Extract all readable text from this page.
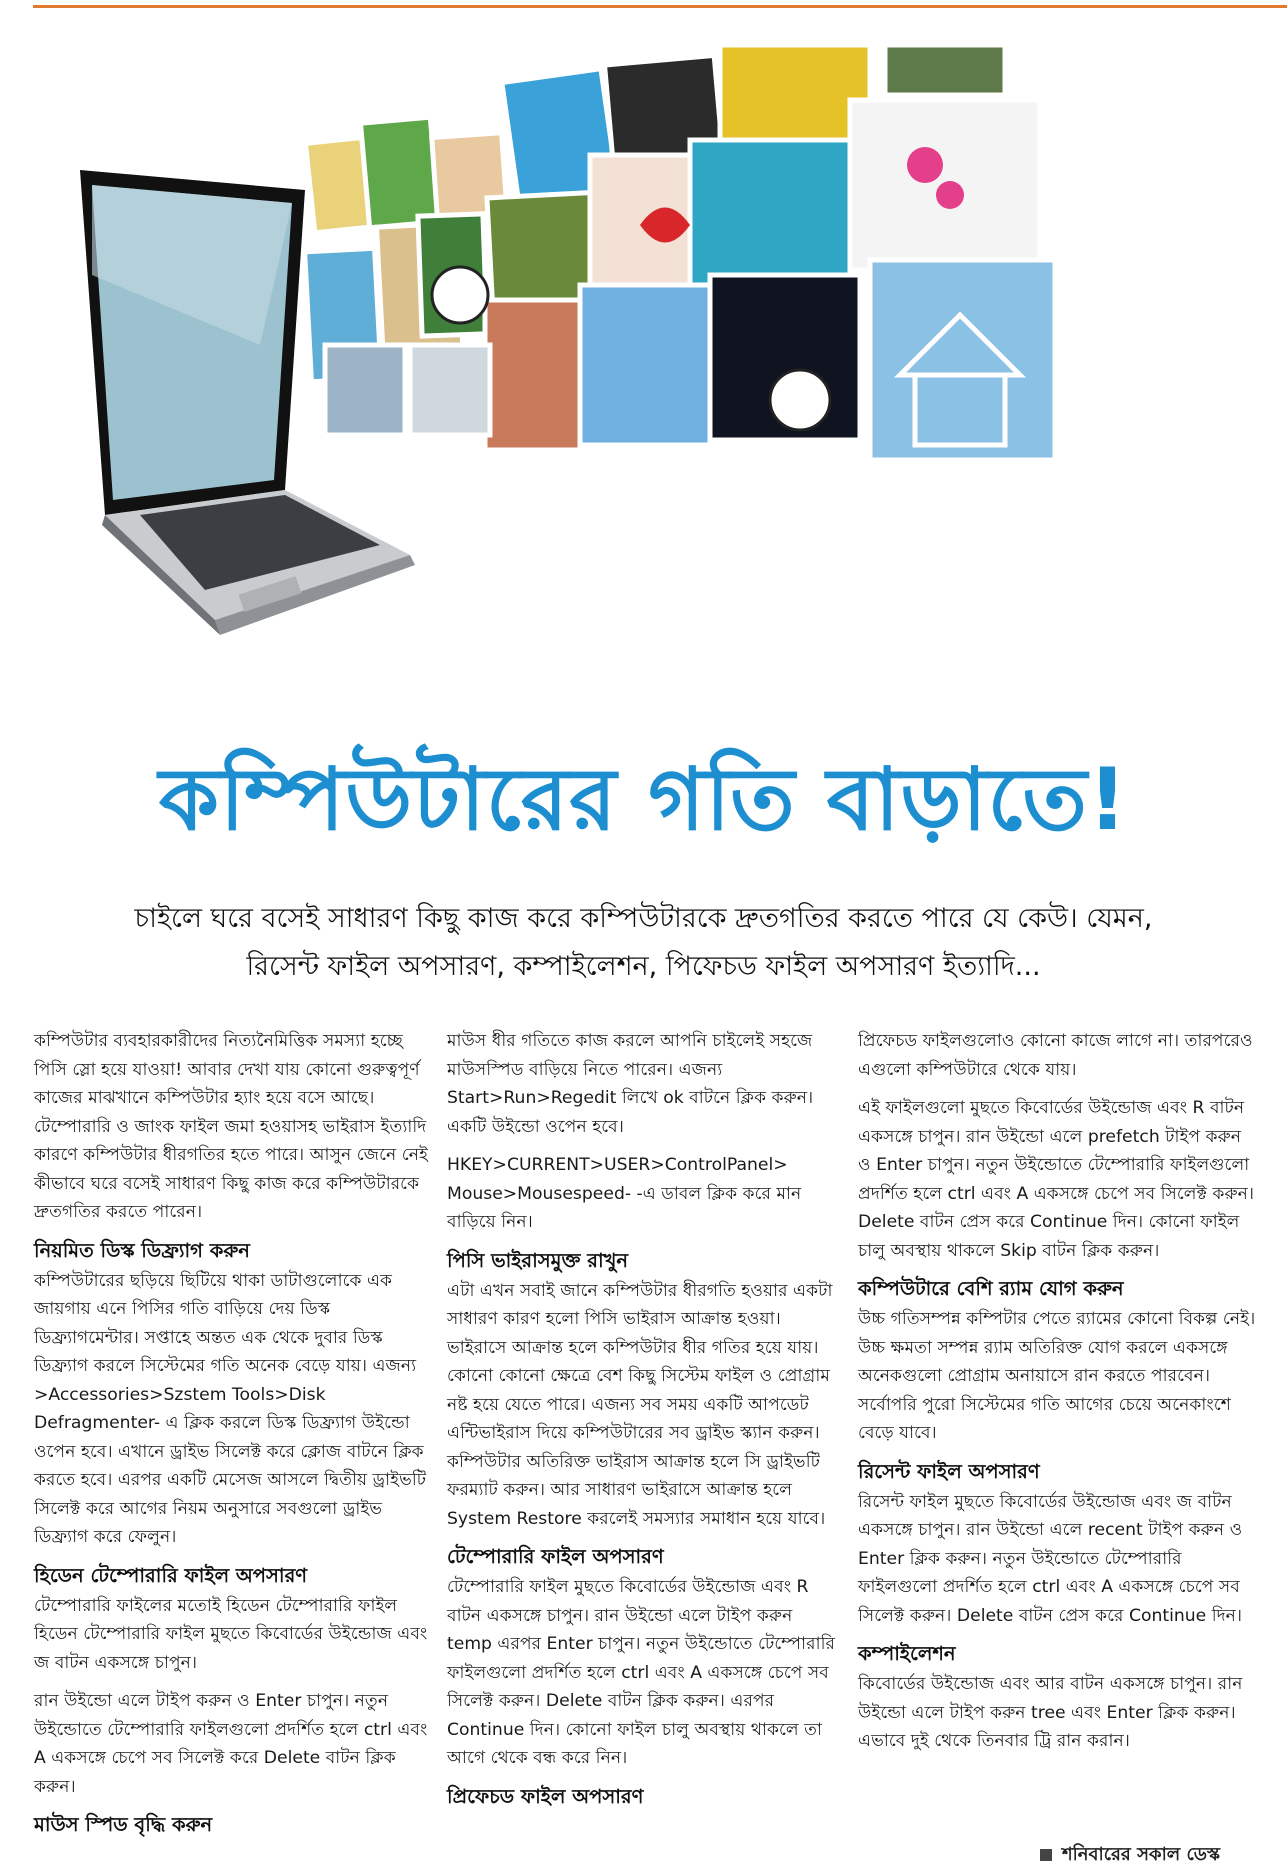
কম্পিউটারের গতি বাড়াতে!

চাইলে ঘরে বসেই সাধারণ কিছু কাজ করে কম্পিউটারকে দ্রুতগতির করতে পারে যে কেউ। যেমন,

রিসেন্ট ফাইল অপসারণ, কম্পাইলেশন, পিফেচড ফাইল অপসারণ ইত্যাদি...

কম্পিউটার ব্যবহারকারীদের নিত্যনৈমিত্তিক সমস্যা হচ্ছে পিসি স্লো হয়ে যাওয়া! আবার দেখা যায় কোনো গুরুত্বপূর্ণ কাজের মাঝখানে কম্পিউটার হ্যাং হয়ে বসে আছে। টেম্পোরারি ও জাংক ফাইল জমা হওয়াসহ ভাইরাস ইত্যাদি কারণে কম্পিউটার ধীরগতির হতে পারে। আসুন জেনে নেই কীভাবে ঘরে বসেই সাধারণ কিছু কাজ করে কম্পিউটারকে দ্রুতগতির করতে পারেন।

নিয়মিত ডিস্ক ডিফ্র্যাগ করুন

কম্পিউটারের ছড়িয়ে ছিটিয়ে থাকা ডাটাগুলোকে এক জায়গায় এনে পিসির গতি বাড়িয়ে দেয় ডিস্ক ডিফ্র্যাগমেন্টার। সপ্তাহে অন্তত এক থেকে দুবার ডিস্ক ডিফ্র্যাগ করলে সিস্টেমের গতি অনেক বেড়ে যায়। এজন্য >Accessories>Szstem Tools>Disk Defragmenter- এ ক্লিক করলে ডিস্ক ডিফ্র্যাগ উইন্ডো ওপেন হবে। এখানে ড্রাইভ সিলেক্ট করে ক্লোজ বাটনে ক্লিক করতে হবে। এরপর একটি মেসেজ আসলে দ্বিতীয় ড্রাইভটি সিলেক্ট করে আগের নিয়ম অনুসারে সবগুলো ড্রাইভ ডিফ্র্যাগ করে ফেলুন।

হিডেন টেম্পোরারি ফাইল অপসারণ

টেম্পোরারি ফাইলের মতোই হিডেন টেম্পোরারি ফাইল হিডেন টেম্পোরারি ফাইল মুছতে কিবোর্ডের উইন্ডোজ এবং জ বাটন একসঙ্গে চাপুন।

রান উইন্ডো এলে টাইপ করুন ও Enter চাপুন। নতুন উইন্ডোতে টেম্পোরারি ফাইলগুলো প্রদর্শিত হলে ctrl এবং A একসঙ্গে চেপে সব সিলেক্ট করে Delete বাটন ক্লিক করুন।

মাউস স্পিড বৃদ্ধি করুন

মাউস ধীর গতিতে কাজ করলে আপনি চাইলেই সহজে মাউসস্পিড বাড়িয়ে নিতে পারেন। এজন্য Start>Run>Regedit লিখে ok বাটনে ক্লিক করুন। একটি উইন্ডো ওপেন হবে।

HKEY>CURRENT>USER>ControlPanel> Mouse>Mousespeed- -এ ডাবল ক্লিক করে মান বাড়িয়ে নিন।

পিসি ভাইরাসমুক্ত রাখুন

এটা এখন সবাই জানে কম্পিউটার ধীরগতি হওয়ার একটা সাধারণ কারণ হলো পিসি ভাইরাস আক্রান্ত হওয়া। ভাইরাসে আক্রান্ত হলে কম্পিউটার ধীর গতির হয়ে যায়। কোনো কোনো ক্ষেত্রে বেশ কিছু সিস্টেম ফাইল ও প্রোগ্রাম নষ্ট হয়ে যেতে পারে। এজন্য সব সময় একটি আপডেট এন্টিভাইরাস দিয়ে কম্পিউটারের সব ড্রাইভ স্ক্যান করুন। কম্পিউটার অতিরিক্ত ভাইরাস আক্রান্ত হলে সি ড্রাইভটি ফরম্যাট করুন। আর সাধারণ ভাইরাসে আক্রান্ত হলে System Restore করলেই সমস্যার সমাধান হয়ে যাবে।

টেম্পোরারি ফাইল অপসারণ

টেম্পোরারি ফাইল মুছতে কিবোর্ডের উইন্ডোজ এবং R বাটন একসঙ্গে চাপুন। রান উইন্ডো এলে টাইপ করুন temp এরপর Enter চাপুন। নতুন উইন্ডোতে টেম্পোরারি ফাইলগুলো প্রদর্শিত হলে ctrl এবং A একসঙ্গে চেপে সব সিলেক্ট করুন। Delete বাটন ক্লিক করুন। এরপর Continue দিন। কোনো ফাইল চালু অবস্থায় থাকলে তা আগে থেকে বন্ধ করে নিন।

প্রিফেচড ফাইল অপসারণ

প্রিফেচড ফাইলগুলোও কোনো কাজে লাগে না। তারপরেও এগুলো কম্পিউটারে থেকে যায়।

এই ফাইলগুলো মুছতে কিবোর্ডের উইন্ডোজ এবং R বাটন একসঙ্গে চাপুন। রান উইন্ডো এলে prefetch টাইপ করুন ও Enter চাপুন। নতুন উইন্ডোতে টেম্পোরারি ফাইলগুলো প্রদর্শিত হলে ctrl এবং A একসঙ্গে চেপে সব সিলেক্ট করুন। Delete বাটন প্রেস করে Continue দিন। কোনো ফাইল চালু অবস্থায় থাকলে Skip বাটন ক্লিক করুন।

কম্পিউটারে বেশি র‍্যাম যোগ করুন

উচ্চ গতিসম্পন্ন কম্পিটার পেতে র‍্যামের কোনো বিকল্প নেই। উচ্চ ক্ষমতা সম্পন্ন র‍্যাম অতিরিক্ত যোগ করলে একসঙ্গে অনেকগুলো প্রোগ্রাম অনায়াসে রান করতে পারবেন। সর্বোপরি পুরো সিস্টেমের গতি আগের চেয়ে অনেকাংশে বেড়ে যাবে।

রিসেন্ট ফাইল অপসারণ

রিসেন্ট ফাইল মুছতে কিবোর্ডের উইন্ডোজ এবং জ বাটন একসঙ্গে চাপুন। রান উইন্ডো এলে recent টাইপ করুন ও Enter ক্লিক করুন। নতুন উইন্ডোতে টেম্পোরারি ফাইলগুলো প্রদর্শিত হলে ctrl এবং A একসঙ্গে চেপে সব সিলেক্ট করুন। Delete বাটন প্রেস করে Continue দিন।

কম্পাইলেশন

কিবোর্ডের উইন্ডোজ এবং আর বাটন একসঙ্গে চাপুন। রান উইন্ডো এলে টাইপ করুন tree এবং Enter ক্লিক করুন। এভাবে দুই থেকে তিনবার ট্রি রান করান।

শনিবারের সকাল ডেস্ক
